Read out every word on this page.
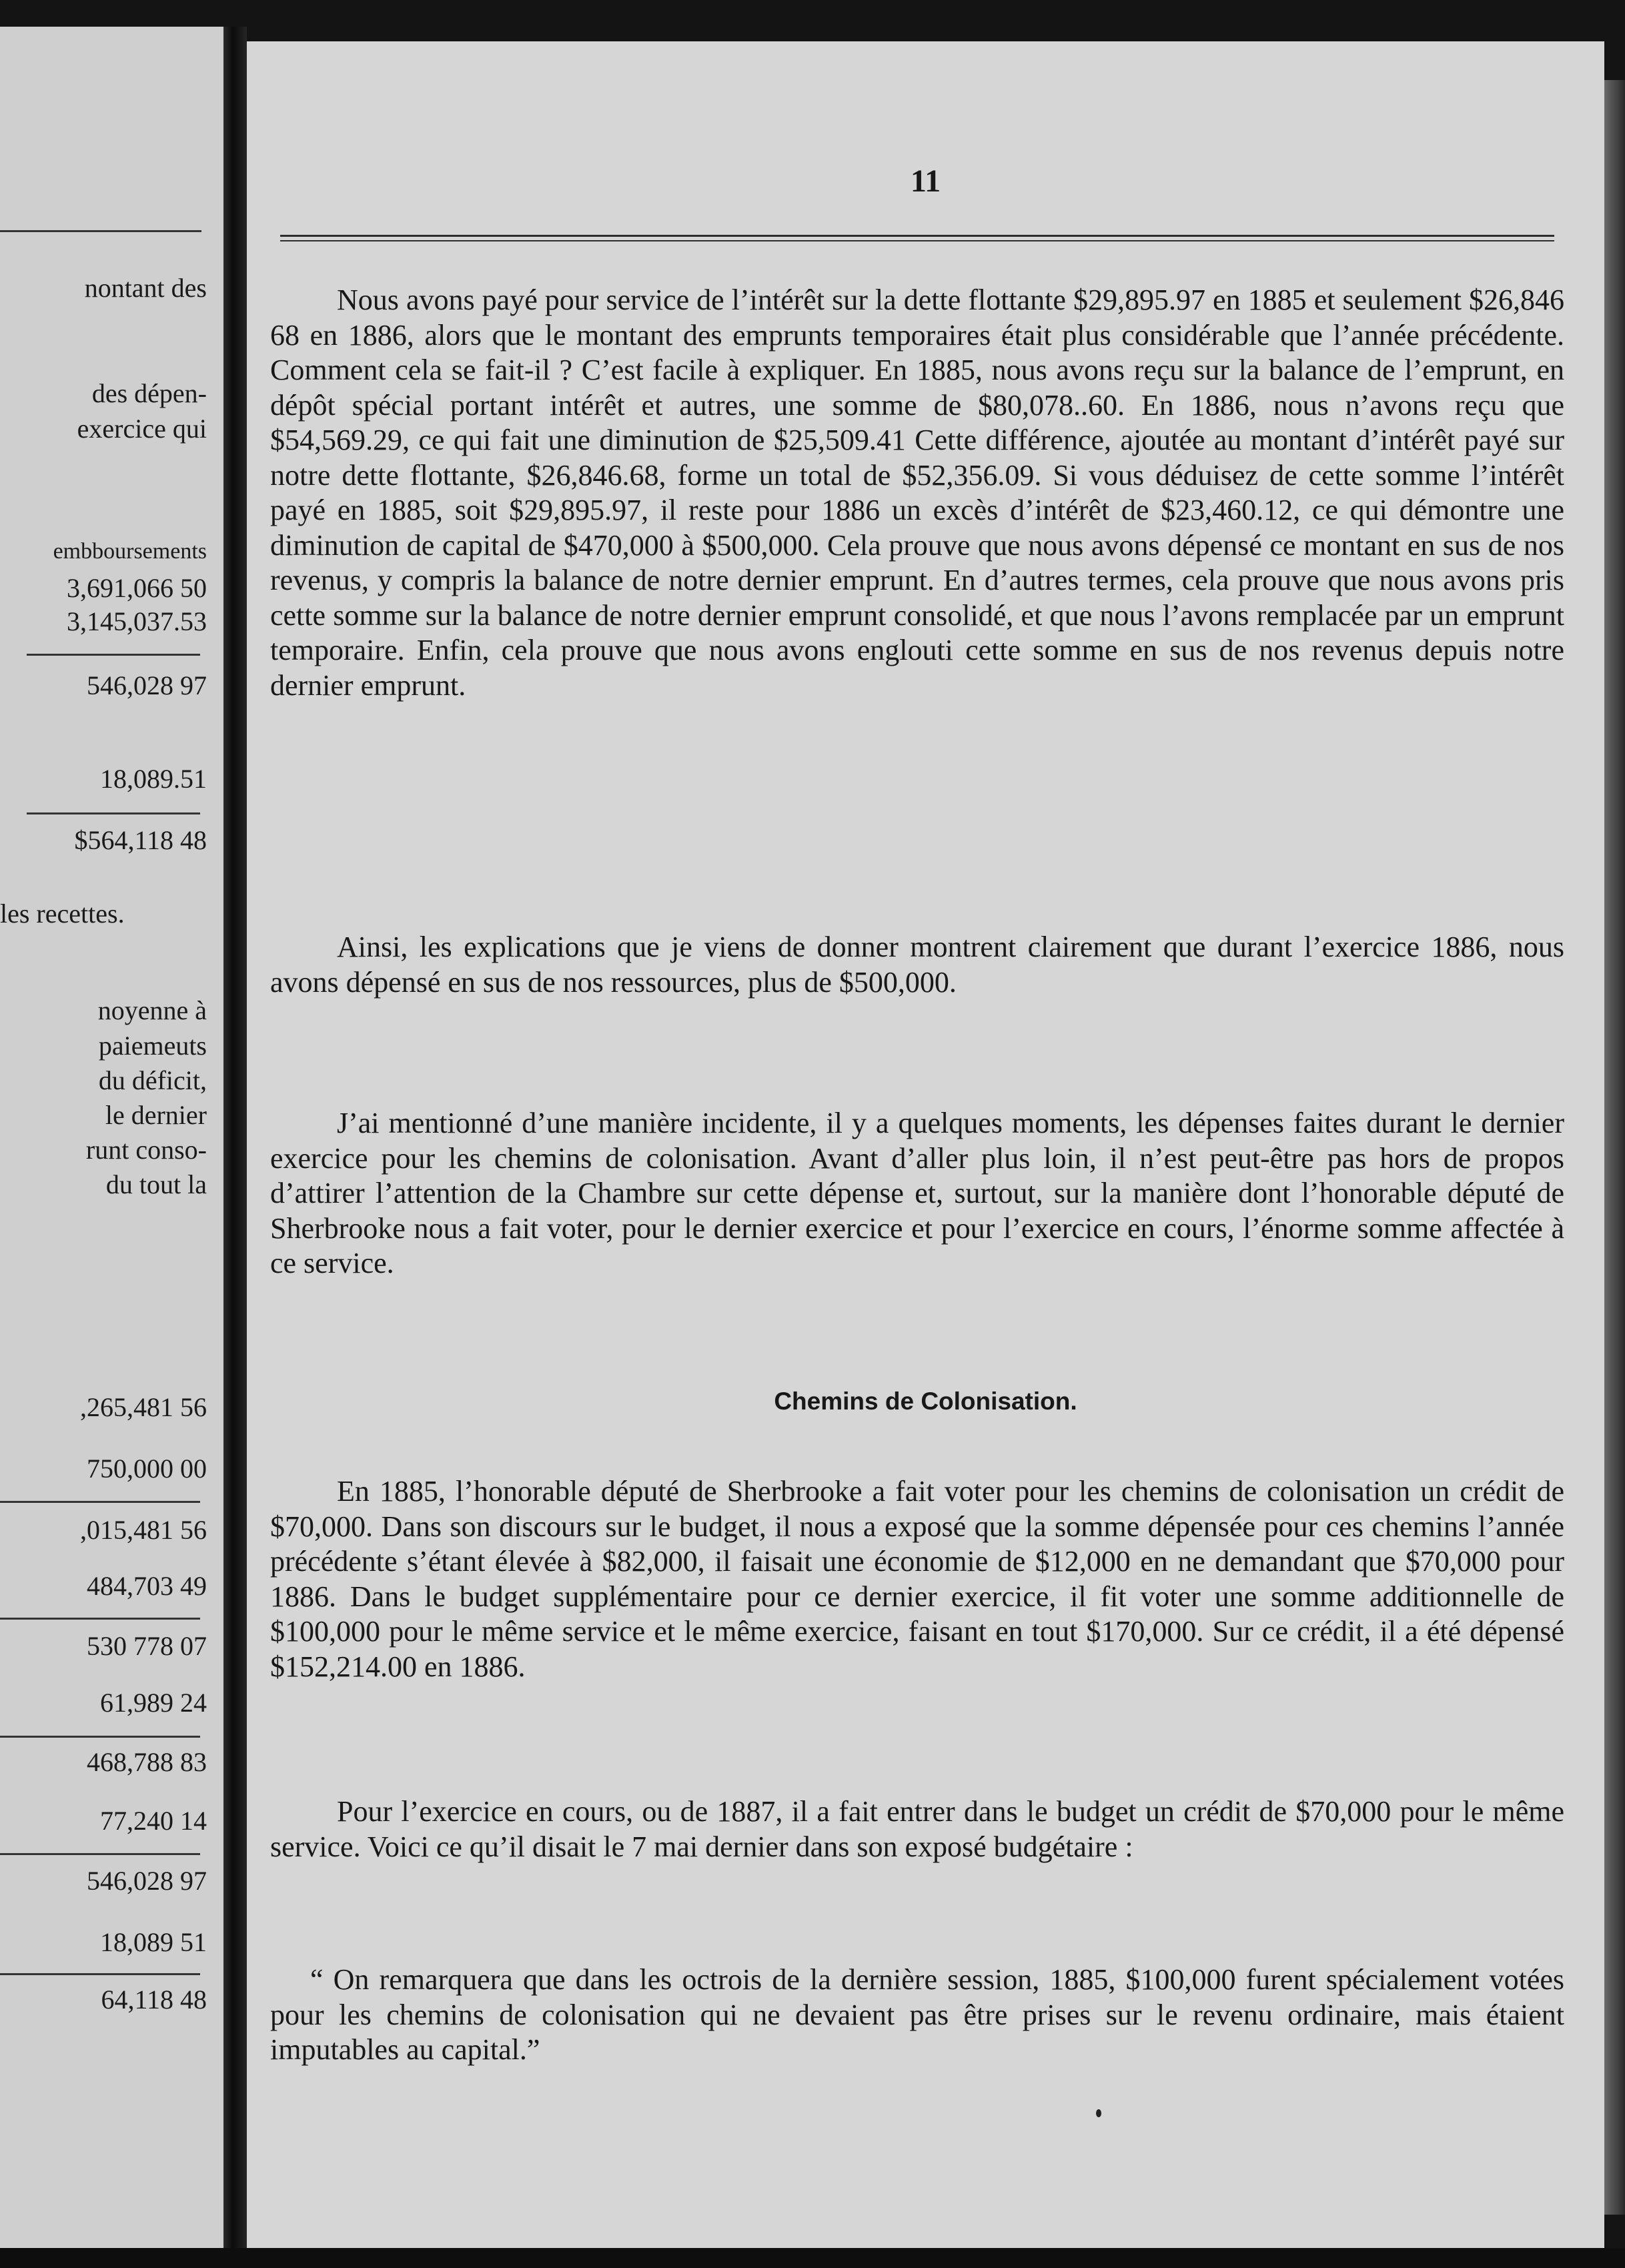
nontant des
des dépen-
exercice qui
embboursements
3,691,066 50
3,145,037.53
546,028 97
18,089.51
$564,118 48
les recettes.
noyenne à
paiemeuts
du déficit,
le dernier
runt conso-
du tout la
,265,481 56
750,000 00
,015,481 56
484,703 49
530 778 07
61,989 24
468,788 83
77,240 14
546,028 97
18,089 51
64,118 48
11

Nous avons payé pour service de l’intérêt sur la dette flottante $29,895.97 en 1885 et seulement $26,846 68 en 1886, alors que le montant des emprunts temporaires était plus considérable que l’année précédente. Comment cela se fait-il ? C’est facile à expliquer. En 1885, nous avons reçu sur la balance de l’emprunt, en dépôt spécial portant intérêt et autres, une somme de $80,078..60. En 1886, nous n’avons reçu que $54,569.29, ce qui fait une diminution de $25,509.41 Cette différence, ajoutée au montant d’intérêt payé sur notre dette flottante, $26,846.68, forme un total de $52,356.09. Si vous déduisez de cette somme l’intérêt payé en 1885, soit $29,895.97, il reste pour 1886 un excès d’intérêt de $23,460.12, ce qui démontre une diminution de capital de $470,000 à $500,000. Cela prouve que nous avons dépensé ce montant en sus de nos revenus, y compris la balance de notre dernier emprunt. En d’autres termes, cela prouve que nous avons pris cette somme sur la balance de notre dernier emprunt consolidé, et que nous l’avons remplacée par un emprunt temporaire. Enfin, cela prouve que nous avons englouti cette somme en sus de nos revenus depuis notre dernier emprunt.

Ainsi, les explications que je viens de donner montrent clairement que durant l’exercice 1886, nous avons dépensé en sus de nos ressources, plus de $500,000.

J’ai mentionné d’une manière incidente, il y a quelques moments, les dépenses faites durant le dernier exercice pour les chemins de colonisation. Avant d’aller plus loin, il n’est peut-être pas hors de propos d’attirer l’attention de la Chambre sur cette dépense et, surtout, sur la manière dont l’honorable député de Sherbrooke nous a fait voter, pour le dernier exercice et pour l’exercice en cours, l’énorme somme affectée à ce service.

Chemins de Colonisation.

En 1885, l’honorable député de Sherbrooke a fait voter pour les chemins de colonisation un crédit de $70,000. Dans son discours sur le budget, il nous a exposé que la somme dépensée pour ces chemins l’année précédente s’étant élevée à $82,000, il faisait une économie de $12,000 en ne demandant que $70,000 pour 1886. Dans le budget supplémentaire pour ce dernier exercice, il fit voter une somme additionnelle de $100,000 pour le même service et le même exercice, faisant en tout $170,000. Sur ce crédit, il a été dépensé $152,214.00 en 1886.

Pour l’exercice en cours, ou de 1887, il a fait entrer dans le budget un crédit de $70,000 pour le même service. Voici ce qu’il disait le 7 mai dernier dans son exposé budgétaire :

“ On remarquera que dans les octrois de la dernière session, 1885, $100,000 furent spécialement votées pour les chemins de colonisation qui ne devaient pas être prises sur le revenu ordinaire, mais étaient imputables au capital.”
